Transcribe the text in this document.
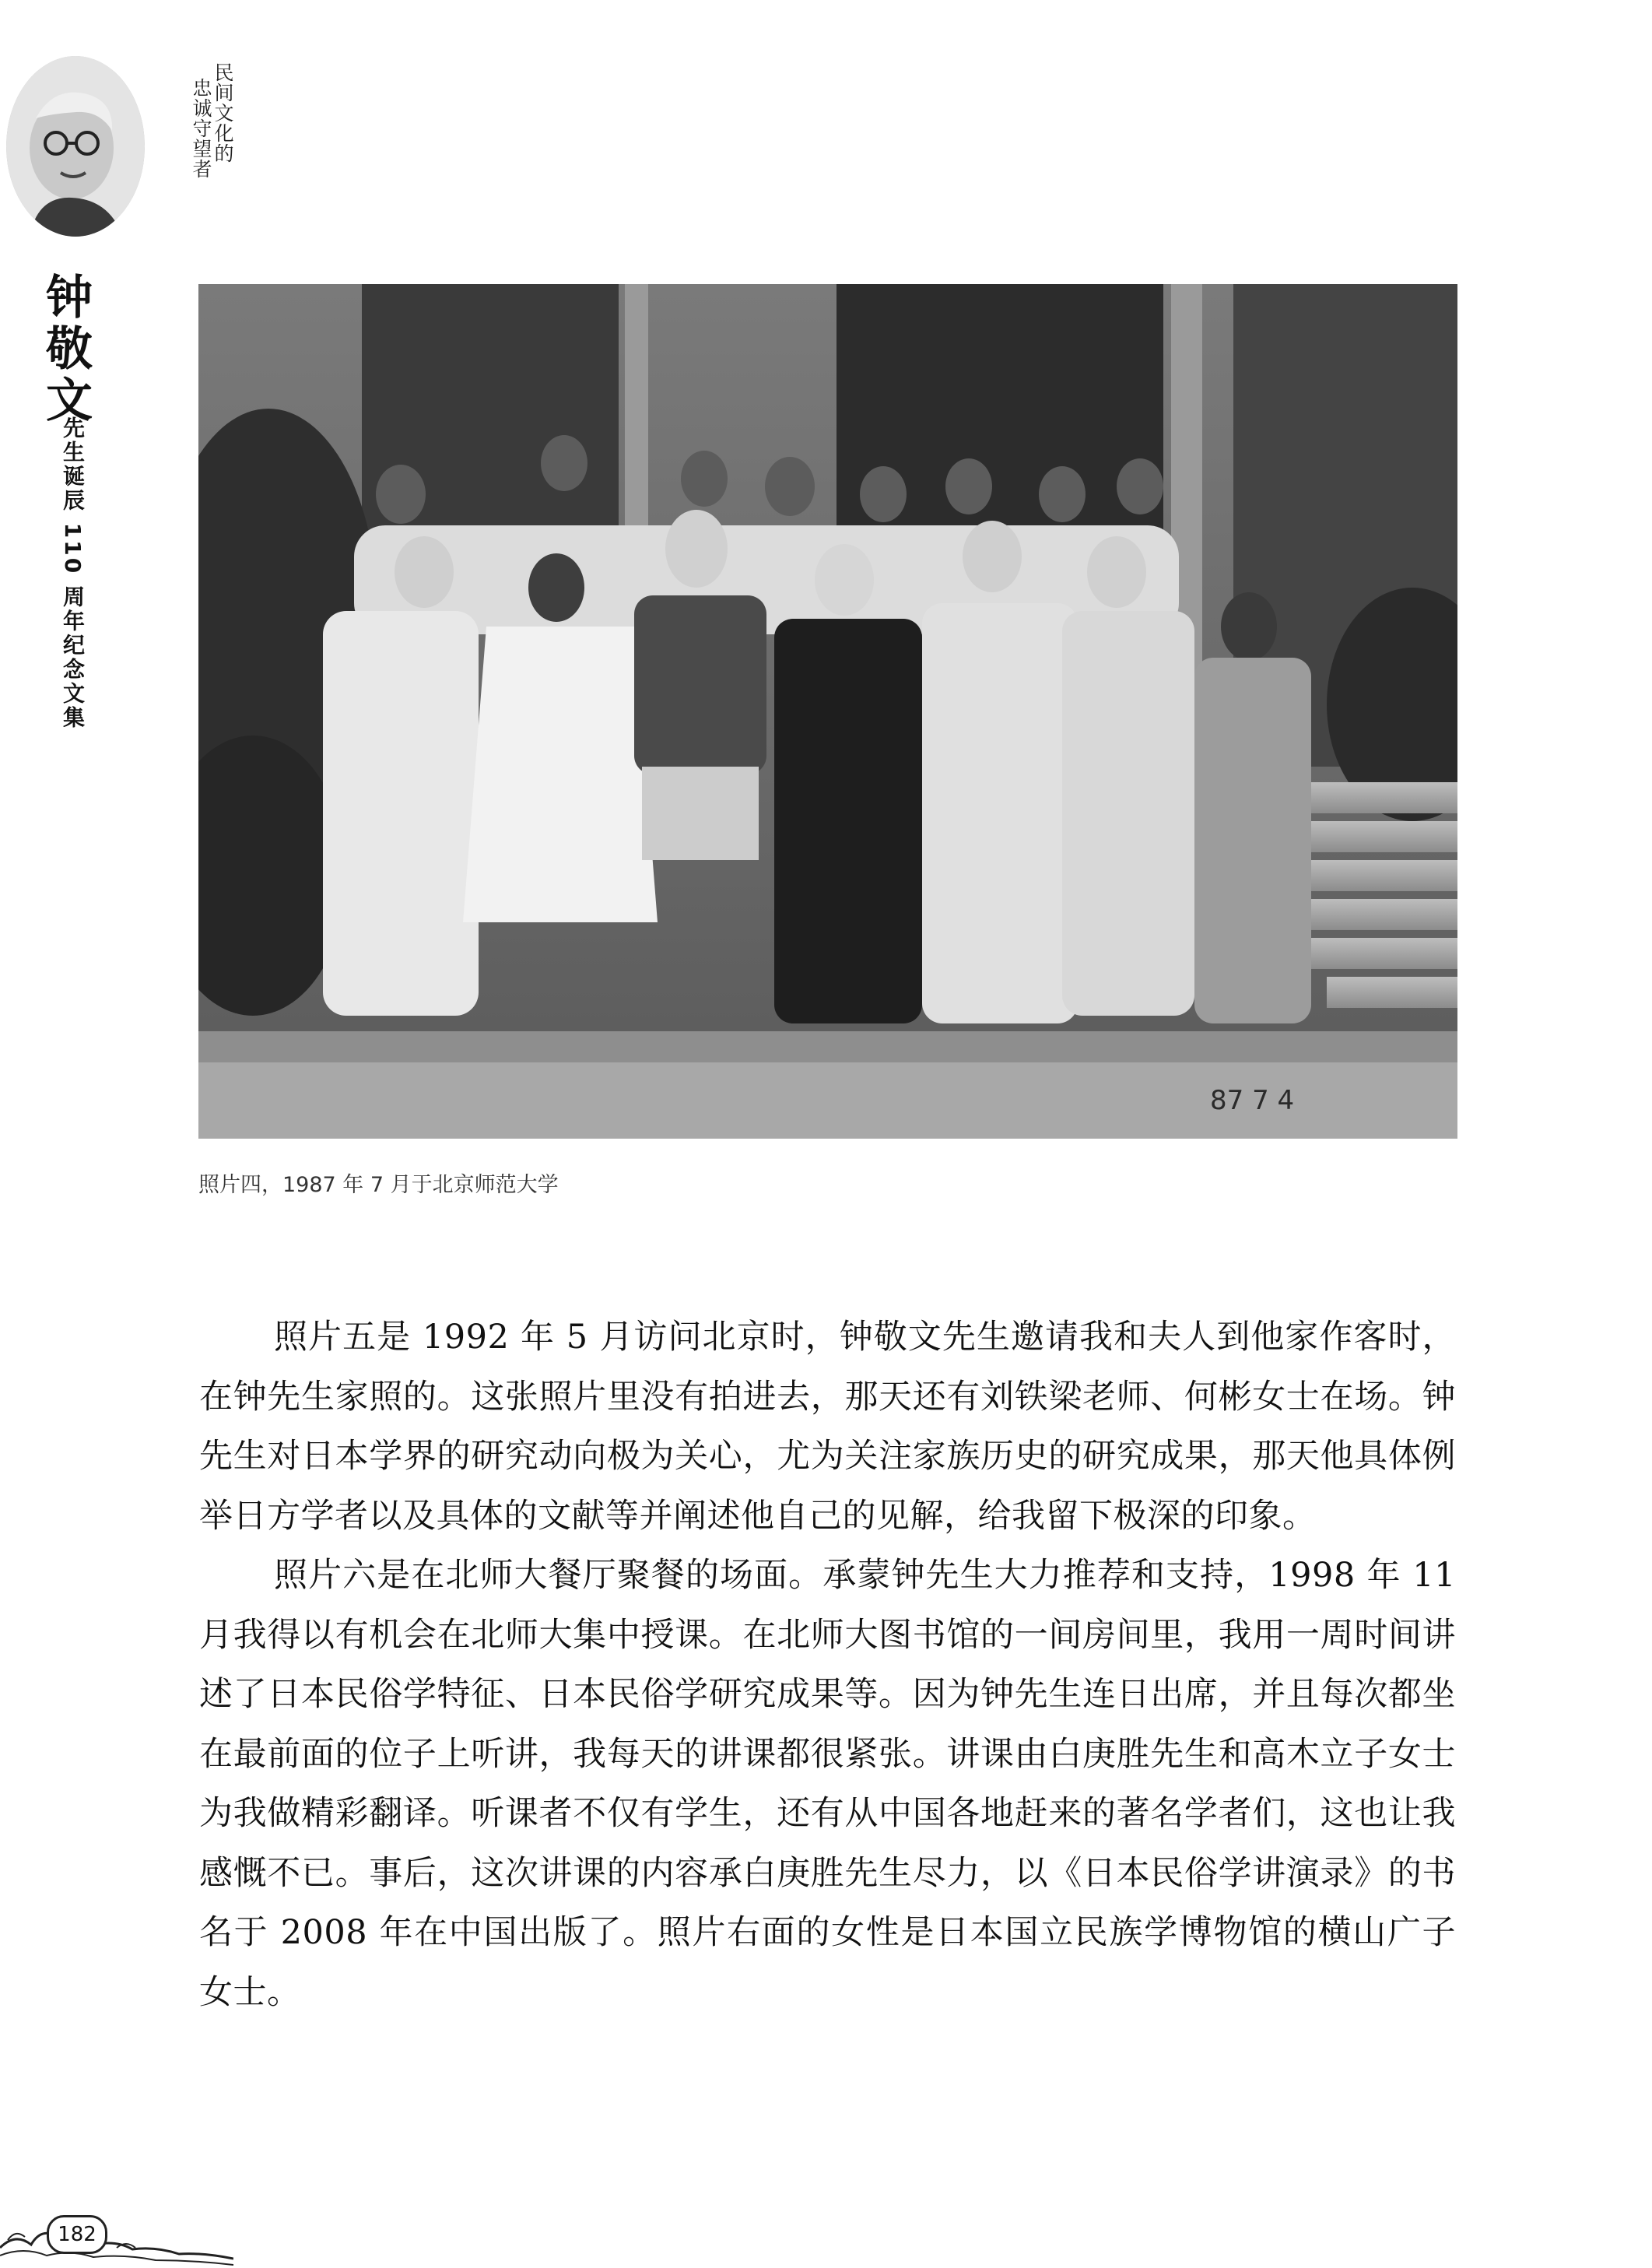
民间文化的
忠诚守望者
钟敬文
先生诞辰 110 周年纪念文集
87 7 4
照片四，1987 年 7 月于北京师范大学

照片五是 1992 年 5 月访问北京时，钟敬文先生邀请我和夫人到他家作客时，在钟先生家照的。这张照片里没有拍进去，那天还有刘铁梁老师、何彬女士在场。钟先生对日本学界的研究动向极为关心，尤为关注家族历史的研究成果，那天他具体例举日方学者以及具体的文献等并阐述他自己的见解，给我留下极深的印象。

照片六是在北师大餐厅聚餐的场面。承蒙钟先生大力推荐和支持，1998 年 11 月我得以有机会在北师大集中授课。在北师大图书馆的一间房间里，我用一周时间讲述了日本民俗学特征、日本民俗学研究成果等。因为钟先生连日出席，并且每次都坐在最前面的位子上听讲，我每天的讲课都很紧张。讲课由白庚胜先生和高木立子女士为我做精彩翻译。听课者不仅有学生，还有从中国各地赶来的著名学者们，这也让我感慨不已。事后，这次讲课的内容承白庚胜先生尽力，以《日本民俗学讲演录》的书名于 2008 年在中国出版了。照片右面的女性是日本国立民族学博物馆的横山广子女士。

182
